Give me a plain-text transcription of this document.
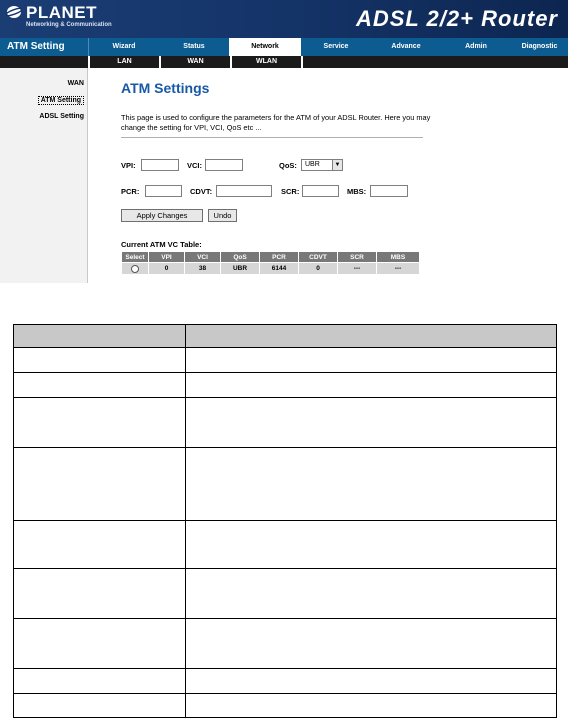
PLANET
Networking & Communication	ADSL 2/2+ Router
ATM Setting	Wizard	Status	Network	Service	Advance	Admin	Diagnostic
LAN	WAN	WLAN
WAN
ATM Setting
ADSL Setting
ATM Settings
This page is used to configure the parameters for the ATM of your ADSL Router. Here you may change the setting for VPI, VCI, QoS etc ...
VPI:	VCI:	QoS:	UBR	▼
PCR:	CDVT:	SCR:	MBS:
Apply Changes	Undo
Current ATM VC Table:
Select	VPI	VCI	QoS	PCR	CDVT	SCR	MBS
	0	38	UBR	6144	0	---	---
